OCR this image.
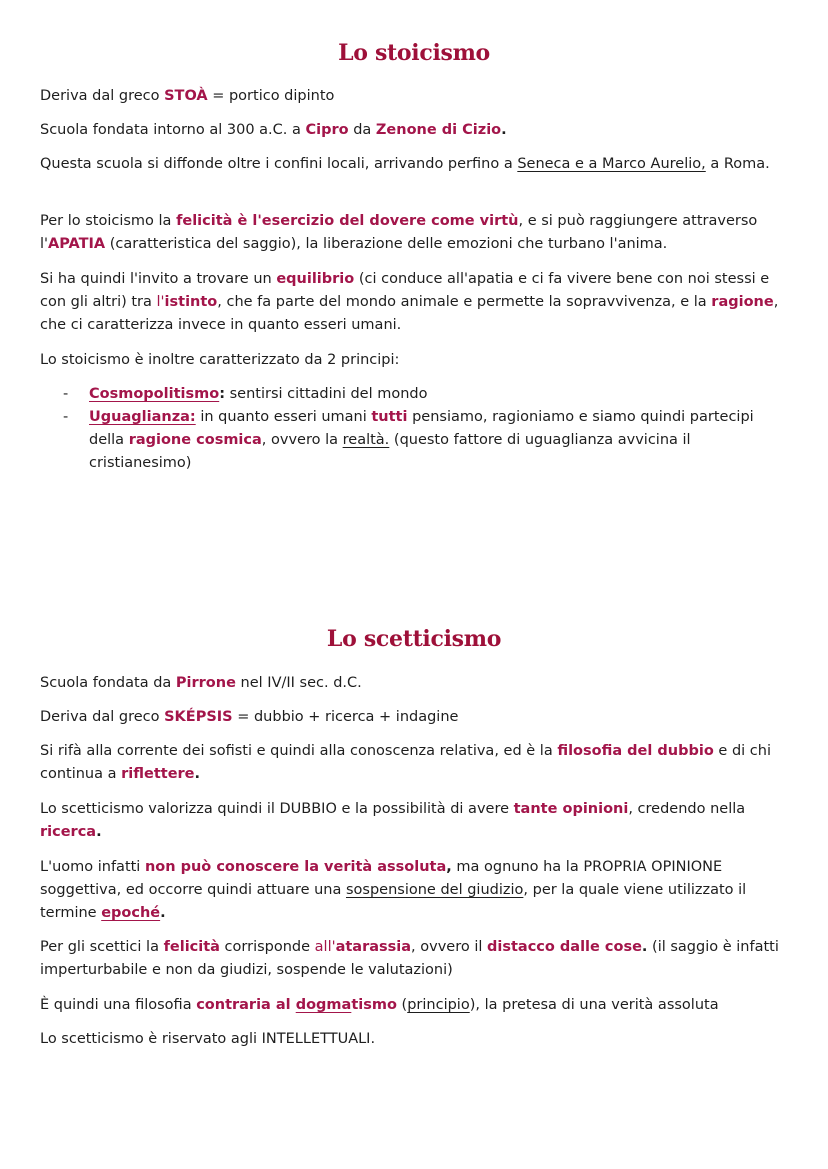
Lo stoicismo

Deriva dal greco STOÀ = portico dipinto

Scuola fondata intorno al 300 a.C. a Cipro da Zenone di Cizio.

Questa scuola si diffonde oltre i confini locali, arrivando perfino a Seneca e a Marco Aurelio, a Roma.

Per lo stoicismo la felicità è l'esercizio del dovere come virtù, e si può raggiungere attraverso l'APATIA (caratteristica del saggio), la liberazione delle emozioni che turbano l'anima.

Si ha quindi l'invito a trovare un equilibrio (ci conduce all'apatia e ci fa vivere bene con noi stessi e con gli altri) tra l'istinto, che fa parte del mondo animale e permette la sopravvivenza, e la ragione, che ci caratterizza invece in quanto esseri umani.

Lo stoicismo è inoltre caratterizzato da 2 principi:

- Cosmopolitismo: sentirsi cittadini del mondo
- Uguaglianza: in quanto esseri umani tutti pensiamo, ragioniamo e siamo quindi partecipi della ragione cosmica, ovvero la realtà. (questo fattore di uguaglianza avvicina il cristianesimo)
Lo scetticismo

Scuola fondata da Pirrone nel IV/II sec. d.C.

Deriva dal greco SKÉPSIS = dubbio + ricerca + indagine

Si rifà alla corrente dei sofisti e quindi alla conoscenza relativa, ed è la filosofia del dubbio e di chi continua a riflettere.

Lo scetticismo valorizza quindi il DUBBIO e la possibilità di avere tante opinioni, credendo nella ricerca.

L'uomo infatti non può conoscere la verità assoluta, ma ognuno ha la PROPRIA OPINIONE soggettiva, ed occorre quindi attuare una sospensione del giudizio, per la quale viene utilizzato il termine epoché.

Per gli scettici la felicità corrisponde all'atarassia, ovvero il distacco dalle cose. (il saggio è infatti imperturbabile e non da giudizi, sospende le valutazioni)

È quindi una filosofia contraria al dogmatismo (principio), la pretesa di una verità assoluta

Lo scetticismo è riservato agli INTELLETTUALI.
